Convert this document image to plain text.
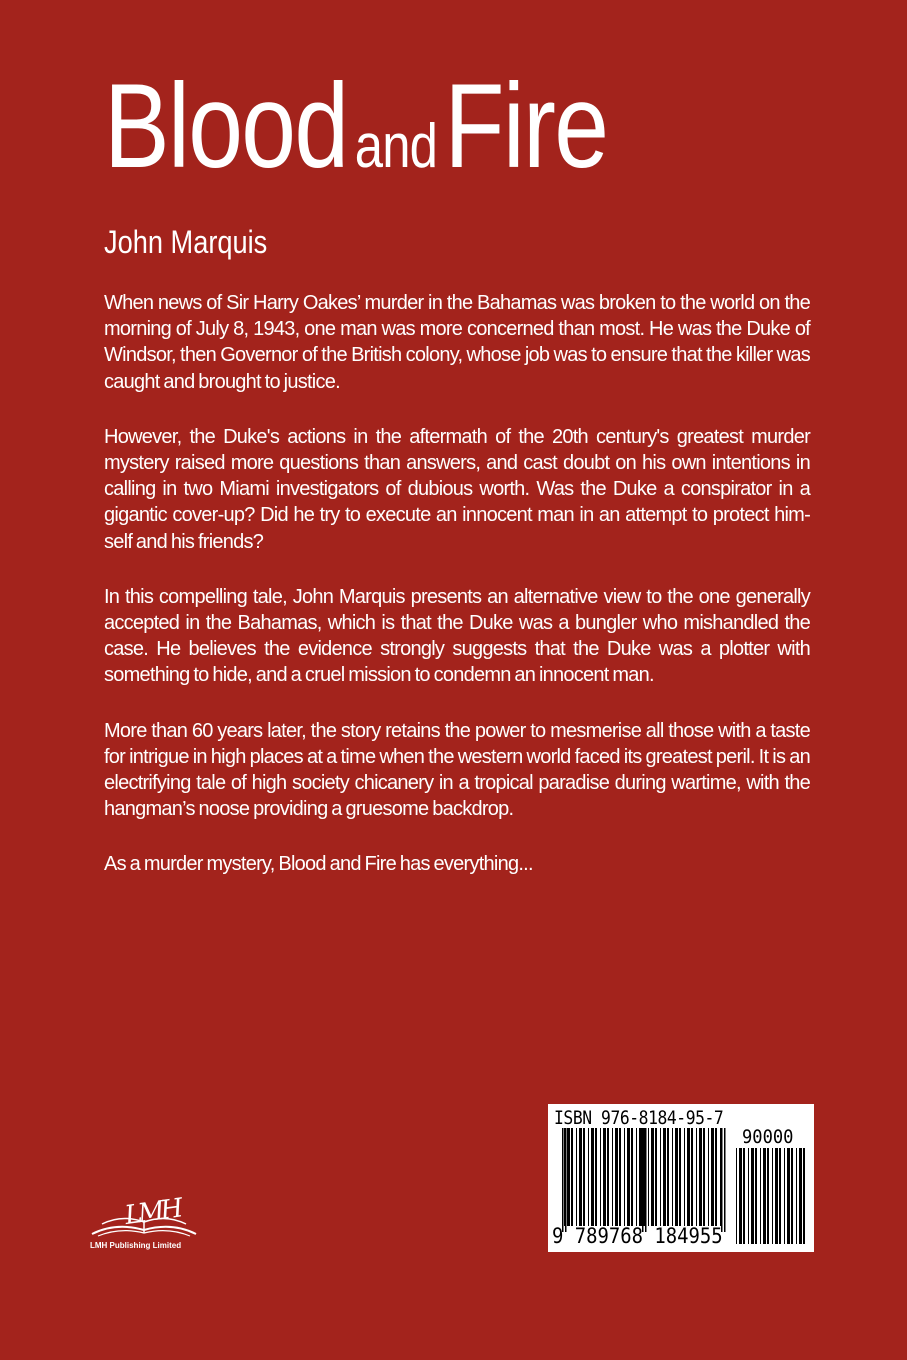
Blood and Fire
John Marquis

When news of Sir Harry Oakes’ murder in the Bahamas was broken to the world on the morning of July 8, 1943, one man was more concerned than most. He was the Duke of Windsor, then Governor of the British colony, whose job was to ensure that the killer was caught and brought to justice.

However, the Duke's actions in the aftermath of the 20th century's greatest murder mystery raised more questions than answers, and cast doubt on his own intentions in calling in two Miami investigators of dubious worth. Was the Duke a conspirator in a gigantic cover-up? Did he try to execute an innocent man in an attempt to protect him-self and his friends?

In this compelling tale, John Marquis presents an alternative view to the one generally accepted in the Bahamas, which is that the Duke was a bungler who mishandled the case. He believes the evidence strongly suggests that the Duke was a plotter with something to hide, and a cruel mission to condemn an innocent man.

More than 60 years later, the story retains the power to mesmerise all those with a taste for intrigue in high places at a time when the western world faced its greatest peril. It is an electrifying tale of high society chicanery in a tropical paradise during wartime, with the hangman’s noose providing a gruesome backdrop.

As a murder mystery, Blood and Fire has everything...

LMH
LMH Publishing Limited
ISBN 976-8184-95-7
90000
9 789768 184955
